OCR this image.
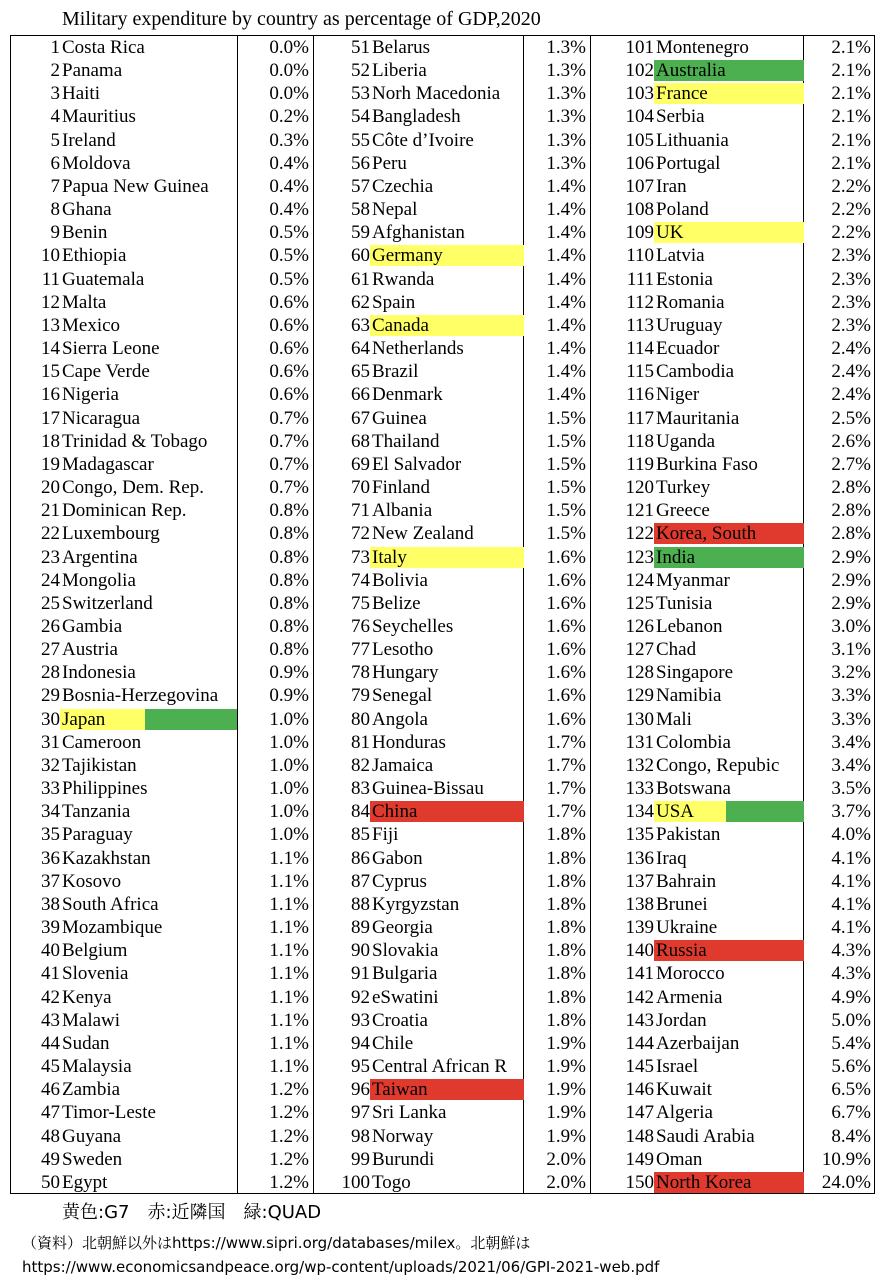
Military expenditure by country as percentage of GDP,2020
1 Costa Rica	0.0%
2 Panama	0.0%
3 Haiti	0.0%
4 Mauritius	0.2%
5 Ireland	0.3%
6 Moldova	0.4%
7 Papua New Guinea	0.4%
8 Ghana	0.4%
9 Benin	0.5%
10 Ethiopia	0.5%
11 Guatemala	0.5%
12 Malta	0.6%
13 Mexico	0.6%
14 Sierra Leone	0.6%
15 Cape Verde	0.6%
16 Nigeria	0.6%
17 Nicaragua	0.7%
18 Trinidad & Tobago	0.7%
19 Madagascar	0.7%
20 Congo, Dem. Rep.	0.7%
21 Dominican Rep.	0.8%
22 Luxembourg	0.8%
23 Argentina	0.8%
24 Mongolia	0.8%
25 Switzerland	0.8%
26 Gambia	0.8%
27 Austria	0.8%
28 Indonesia	0.9%
29 Bosnia-Herzegovina	0.9%
30 Japan	1.0%
31 Cameroon	1.0%
32 Tajikistan	1.0%
33 Philippines	1.0%
34 Tanzania	1.0%
35 Paraguay	1.0%
36 Kazakhstan	1.1%
37 Kosovo	1.1%
38 South Africa	1.1%
39 Mozambique	1.1%
40 Belgium	1.1%
41 Slovenia	1.1%
42 Kenya	1.1%
43 Malawi	1.1%
44 Sudan	1.1%
45 Malaysia	1.1%
46 Zambia	1.2%
47 Timor-Leste	1.2%
48 Guyana	1.2%
49 Sweden	1.2%
50 Egypt	1.2%
51 Belarus	1.3%
52 Liberia	1.3%
53 Norh Macedonia	1.3%
54 Bangladesh	1.3%
55 Côte d’Ivoire	1.3%
56 Peru	1.3%
57 Czechia	1.4%
58 Nepal	1.4%
59 Afghanistan	1.4%
60 Germany	1.4%
61 Rwanda	1.4%
62 Spain	1.4%
63 Canada	1.4%
64 Netherlands	1.4%
65 Brazil	1.4%
66 Denmark	1.4%
67 Guinea	1.5%
68 Thailand	1.5%
69 El Salvador	1.5%
70 Finland	1.5%
71 Albania	1.5%
72 New Zealand	1.5%
73 Italy	1.6%
74 Bolivia	1.6%
75 Belize	1.6%
76 Seychelles	1.6%
77 Lesotho	1.6%
78 Hungary	1.6%
79 Senegal	1.6%
80 Angola	1.6%
81 Honduras	1.7%
82 Jamaica	1.7%
83 Guinea-Bissau	1.7%
84 China	1.7%
85 Fiji	1.8%
86 Gabon	1.8%
87 Cyprus	1.8%
88 Kyrgyzstan	1.8%
89 Georgia	1.8%
90 Slovakia	1.8%
91 Bulgaria	1.8%
92 eSwatini	1.8%
93 Croatia	1.8%
94 Chile	1.9%
95 Central African R	1.9%
96 Taiwan	1.9%
97 Sri Lanka	1.9%
98 Norway	1.9%
99 Burundi	2.0%
100 Togo	2.0%
101 Montenegro	2.1%
102 Australia	2.1%
103 France	2.1%
104 Serbia	2.1%
105 Lithuania	2.1%
106 Portugal	2.1%
107 Iran	2.2%
108 Poland	2.2%
109 UK	2.2%
110 Latvia	2.3%
111 Estonia	2.3%
112 Romania	2.3%
113 Uruguay	2.3%
114 Ecuador	2.4%
115 Cambodia	2.4%
116 Niger	2.4%
117 Mauritania	2.5%
118 Uganda	2.6%
119 Burkina Faso	2.7%
120 Turkey	2.8%
121 Greece	2.8%
122 Korea, South	2.8%
123 India	2.9%
124 Myanmar	2.9%
125 Tunisia	2.9%
126 Lebanon	3.0%
127 Chad	3.1%
128 Singapore	3.2%
129 Namibia	3.3%
130 Mali	3.3%
131 Colombia	3.4%
132 Congo, Repubic	3.4%
133 Botswana	3.5%
134 USA	3.7%
135 Pakistan	4.0%
136 Iraq	4.1%
137 Bahrain	4.1%
138 Brunei	4.1%
139 Ukraine	4.1%
140 Russia	4.3%
141 Morocco	4.3%
142 Armenia	4.9%
143 Jordan	5.0%
144 Azerbaijan	5.4%
145 Israel	5.6%
146 Kuwait	6.5%
147 Algeria	6.7%
148 Saudi Arabia	8.4%
149 Oman	10.9%
150 North Korea	24.0%
黄色:G7　赤:近隣国　緑:QUAD
（資料）北朝鮮以外はhttps://www.sipri.org/databases/milex。北朝鮮は
https://www.economicsandpeace.org/wp-content/uploads/2021/06/GPI-2021-web.pdf
